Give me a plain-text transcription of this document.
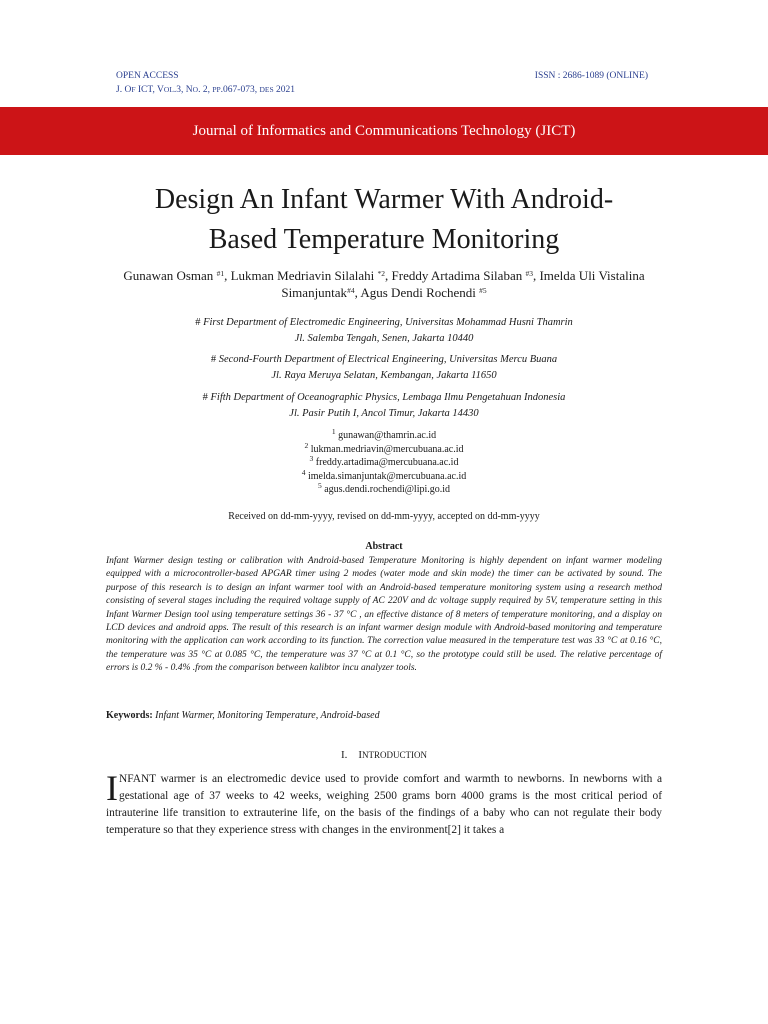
OPEN ACCESS
J. OF ICT, VOL.3, NO. 2, PP.067-073, DES 2021
ISSN : 2686-1089 (ONLINE)
Journal of Informatics and Communications Technology (JICT)
Design An Infant Warmer With Android-
Based Temperature Monitoring
Gunawan Osman $^{\#1}$, Lukman Medriavin Silalahi $^{*2}$, Freddy Artadima Silaban $^{\#3}$, Imelda Uli Vistalina Simanjuntak$^{\#4}$, Agus Dendi Rochendi $^{\#5}$
# First Department of Electromedic Engineering, Universitas Mohammad Husni Thamrin
Jl. Salemba Tengah, Senen, Jakarta 10440
# Second-Fourth Department of Electrical Engineering, Universitas Mercu Buana
Jl. Raya Meruya Selatan, Kembangan, Jakarta 11650
# Fifth Department of Oceanographic Physics, Lembaga Ilmu Pengetahuan Indonesia
Jl. Pasir Putih I, Ancol Timur, Jakarta 14430
$^1$ gunawan@thamrin.ac.id
$^2$ lukman.medriavin@mercubuana.ac.id
$^3$ freddy.artadima@mercubuana.ac.id
$^4$ imelda.simanjuntak@mercubuana.ac.id
$^5$ agus.dendi.rochendi@lipi.go.id
Received on dd-mm-yyyy, revised on dd-mm-yyyy, accepted on dd-mm-yyyy
Abstract
Infant Warmer design testing or calibration with Android-based Temperature Monitoring is highly dependent on infant warmer modeling equipped with a microcontroller-based APGAR timer using 2 modes (water mode and skin mode) the timer can be activated by sound. The purpose of this research is to design an infant warmer tool with an Android-based temperature monitoring system using a research method consisting of several stages including the required voltage supply of AC 220V and dc voltage supply required by 5V, temperature setting in this Infant Warmer Design tool using temperature settings 36 - 37 °C , an effective distance of 8 meters of temperature monitoring, and a display on LCD devices and android apps. The result of this research is an infant warmer design module with Android-based monitoring and temperature monitoring with the application can work according to its function. The correction value measured in the temperature test was 33 °C at 0.16 °C, the temperature was 35 °C at 0.085 °C, the temperature was 37 °C at 0.1 °C, so the prototype could still be used. The relative percentage of errors is 0.2 % - 0.4% .from the comparison between kalibtor incu analyzer tools.
Keywords: Infant Warmer, Monitoring Temperature, Android-based
I. INTRODUCTION
INFANT warmer is an electromedic device used to provide comfort and warmth to newborns. In newborns with a gestational age of 37 weeks to 42 weeks, weighing 2500 grams born 4000 grams is the most critical period of intrauterine life transition to extrauterine life, on the basis of the findings of a baby who can not regulate their body temperature so that they experience stress with changes in the environment[2] it takes a
